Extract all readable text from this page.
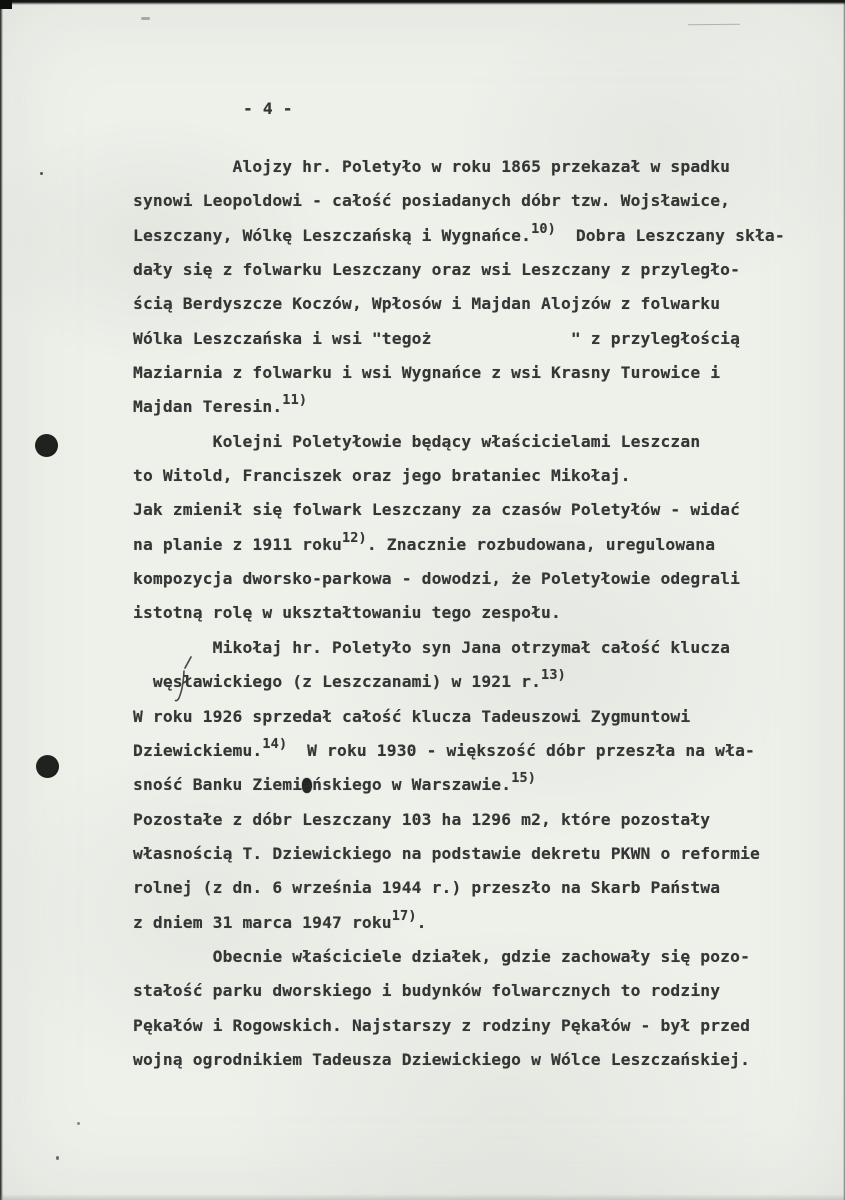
- 4 -
Alojzy hr. Poletyło w roku 1865 przekazał w spadku
synowi Leopoldowi - całość posiadanych dóbr tzw. Wojsławice,
Leszczany, Wólkę Leszczańską i Wygnańce.$^{10)}$  Dobra Leszczany skła-
dały się z folwarku Leszczany oraz wsi Leszczany z przyległo-
ścią Berdyszcze Koczów, Wpłosów i Majdan Alojzów z folwarku
Wólka Leszczańska i wsi "tegoż              " z przyległością
Maziarnia z folwarku i wsi Wygnańce z wsi Krasny Turowice i
Majdan Teresin.$^{11)}$
Kolejni Poletyłowie będący właścicielami Leszczan
to Witold, Franciszek oraz jego brataniec Mikołaj.
Jak zmienił się folwark Leszczany za czasów Poletyłów - widać
na planie z 1911 roku$^{12)}$. Znacznie rozbudowana, uregulowana
kompozycja dworsko-parkowa - dowodzi, że Poletyłowie odegrali
istotną rolę w ukształtowaniu tego zespołu.
Mikołaj hr. Poletyło syn Jana otrzymał całość klucza
węsławickiego (z Leszczanami) w 1921 r.$^{13)}$
W roku 1926 sprzedał całość klucza Tadeuszowi Zygmuntowi
Dziewickiemu.$^{14)}$  W roku 1930 - większość dóbr przeszła na wła-
sność Banku Ziemiańskiego w Warszawie.$^{15)}$
Pozostałe z dóbr Leszczany 103 ha 1296 m2, które pozostały
własnością T. Dziewickiego na podstawie dekretu PKWN o reformie
rolnej (z dn. 6 września 1944 r.) przeszło na Skarb Państwa
z dniem 31 marca 1947 roku$^{17)}$.
Obecnie właściciele działek, gdzie zachowały się pozo-
stałość parku dworskiego i budynków folwarcznych to rodziny
Pękałów i Rogowskich. Najstarszy z rodziny Pękałów - był przed
wojną ogrodnikiem Tadeusza Dziewickiego w Wólce Leszczańskiej.
